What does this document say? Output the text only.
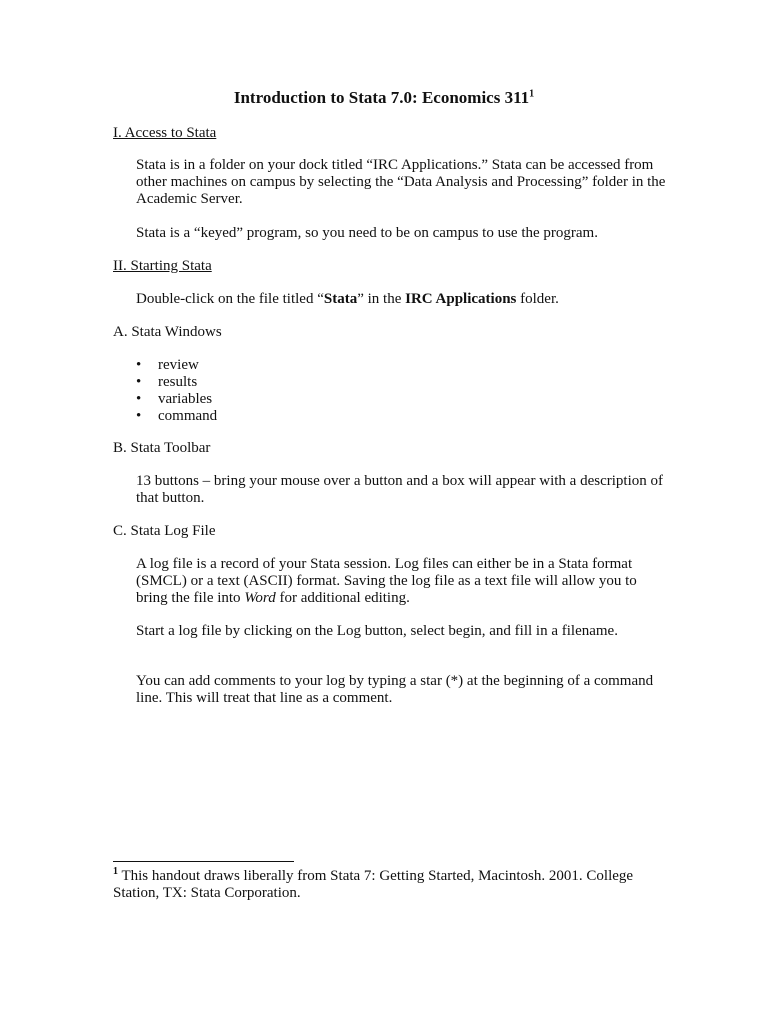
Introduction to Stata 7.0: Economics $311^1$
I. Access to Stata

Stata is in a folder on your dock titled “IRC Applications.” Stata can be accessed from other machines on campus by selecting the “Data Analysis and Processing” folder in the Academic Server.

Stata is a “keyed” program, so you need to be on campus to use the program.

II. Starting Stata

Double-click on the file titled “Stata” in the IRC Applications folder.

A. Stata Windows
• review
• results
• variables
• command
B. Stata Toolbar

13 buttons – bring your mouse over a button and a box will appear with a description of that button.

C. Stata Log File

A log file is a record of your Stata session. Log files can either be in a Stata format (SMCL) or a text (ASCII) format. Saving the log file as a text file will allow you to bring the file into Word for additional editing.

Start a log file by clicking on the Log button, select begin, and fill in a filename.

You can add comments to your log by typing a star (*) at the beginning of a command line. This will treat that line as a comment.

$^1$ This handout draws liberally from Stata 7: Getting Started, Macintosh. 2001. College Station, TX: Stata Corporation.
